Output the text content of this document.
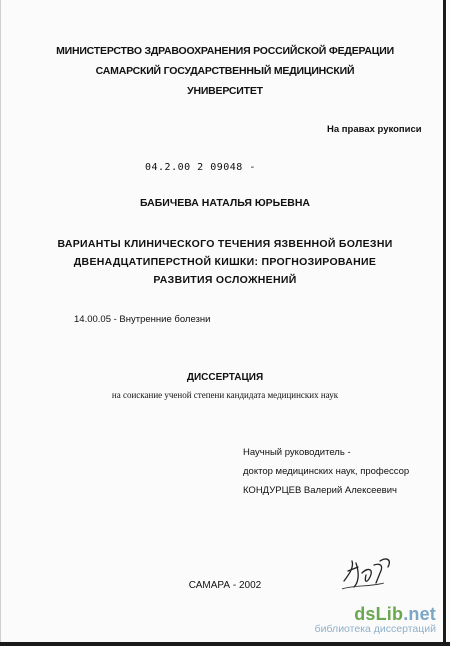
МИНИСТЕРСТВО ЗДРАВООХРАНЕНИЯ РОССИЙСКОЙ ФЕДЕРАЦИИ
САМАРСКИЙ ГОСУДАРСТВЕННЫЙ МЕДИЦИНСКИЙ
УНИВЕРСИТЕТ
На правах рукописи
04.2.00 2 09048 -
БАБИЧЕВА НАТАЛЬЯ ЮРЬЕВНА
ВАРИАНТЫ КЛИНИЧЕСКОГО ТЕЧЕНИЯ ЯЗВЕННОЙ БОЛЕЗНИ
ДВЕНАДЦАТИПЕРСТНОЙ КИШКИ: ПРОГНОЗИРОВАНИЕ
РАЗВИТИЯ ОСЛОЖНЕНИЙ
14.00.05 - Внутренние болезни
ДИССЕРТАЦИЯ
на соискание ученой степени кандидата медицинских наук
Научный руководитель -
доктор медицинских наук, профессор
КОНДУРЦЕВ Валерий Алексеевич
САМАРА - 2002
dsLib.net
библиотека диссертаций
